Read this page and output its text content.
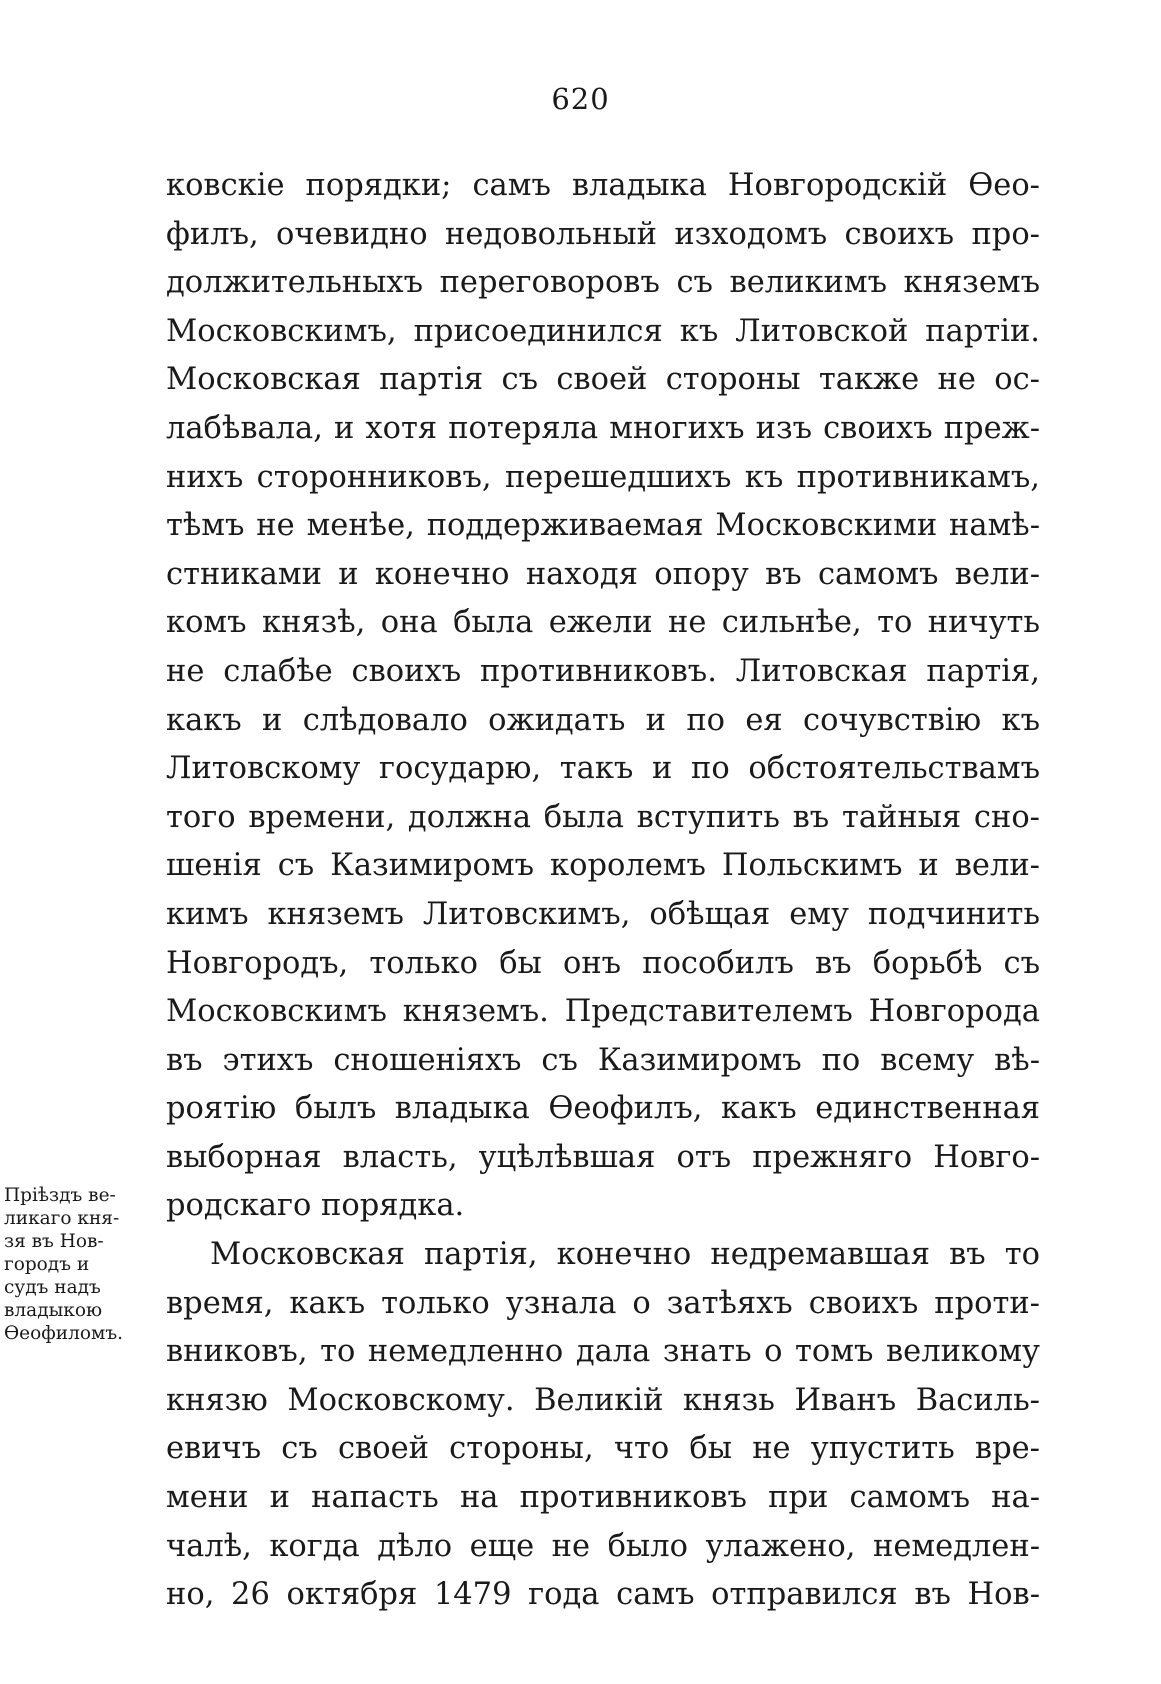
620
ковскіе порядки; самъ владыка Новгородскій Ѳео-
филъ, очевидно недовольный изходомъ своихъ про-
должительныхъ переговоровъ съ великимъ княземъ
Московскимъ, присоединился къ Литовской партіи.
Московская партія съ своей стороны также не ос-
лабѣвала, и хотя потеряла многихъ изъ своихъ преж-
нихъ сторонниковъ, перешедшихъ къ противникамъ,
тѣмъ не менѣе, поддерживаемая Московскими намѣ-
стниками и конечно находя опору въ самомъ вели-
комъ князѣ, она была ежели не сильнѣе, то ничуть
не слабѣе своихъ противниковъ. Литовская партія,
какъ и слѣдовало ожидать и по ея сочувствію къ
Литовскому государю, такъ и по обстоятельствамъ
того времени, должна была вступить въ тайныя сно-
шенія съ Казимиромъ королемъ Польскимъ и вели-
кимъ княземъ Литовскимъ, обѣщая ему подчинить
Новгородъ, только бы онъ пособилъ въ борьбѣ съ
Московскимъ княземъ. Представителемъ Новгорода
въ этихъ сношеніяхъ съ Казимиромъ по всему вѣ-
роятію былъ владыка Ѳеофилъ, какъ единственная
выборная власть, уцѣлѣвшая отъ прежняго Новго-
родскаго порядка.
Московская партія, конечно недремавшая въ то
время, какъ только узнала о затѣяхъ своихъ проти-
вниковъ, то немедленно дала знать о томъ великому
князю Московскому. Великій князь Иванъ Василь-
евичъ съ своей стороны, что бы не упустить вре-
мени и напасть на противниковъ при самомъ на-
чалѣ, когда дѣло еще не было улажено, немедлен-
но, 26 октября 1479 года самъ отправился въ Нов-
Пріѣздъ ве-
ликаго кня-
зя въ Нов-
городъ и
судъ надъ
владыкою
Ѳеофиломъ.
